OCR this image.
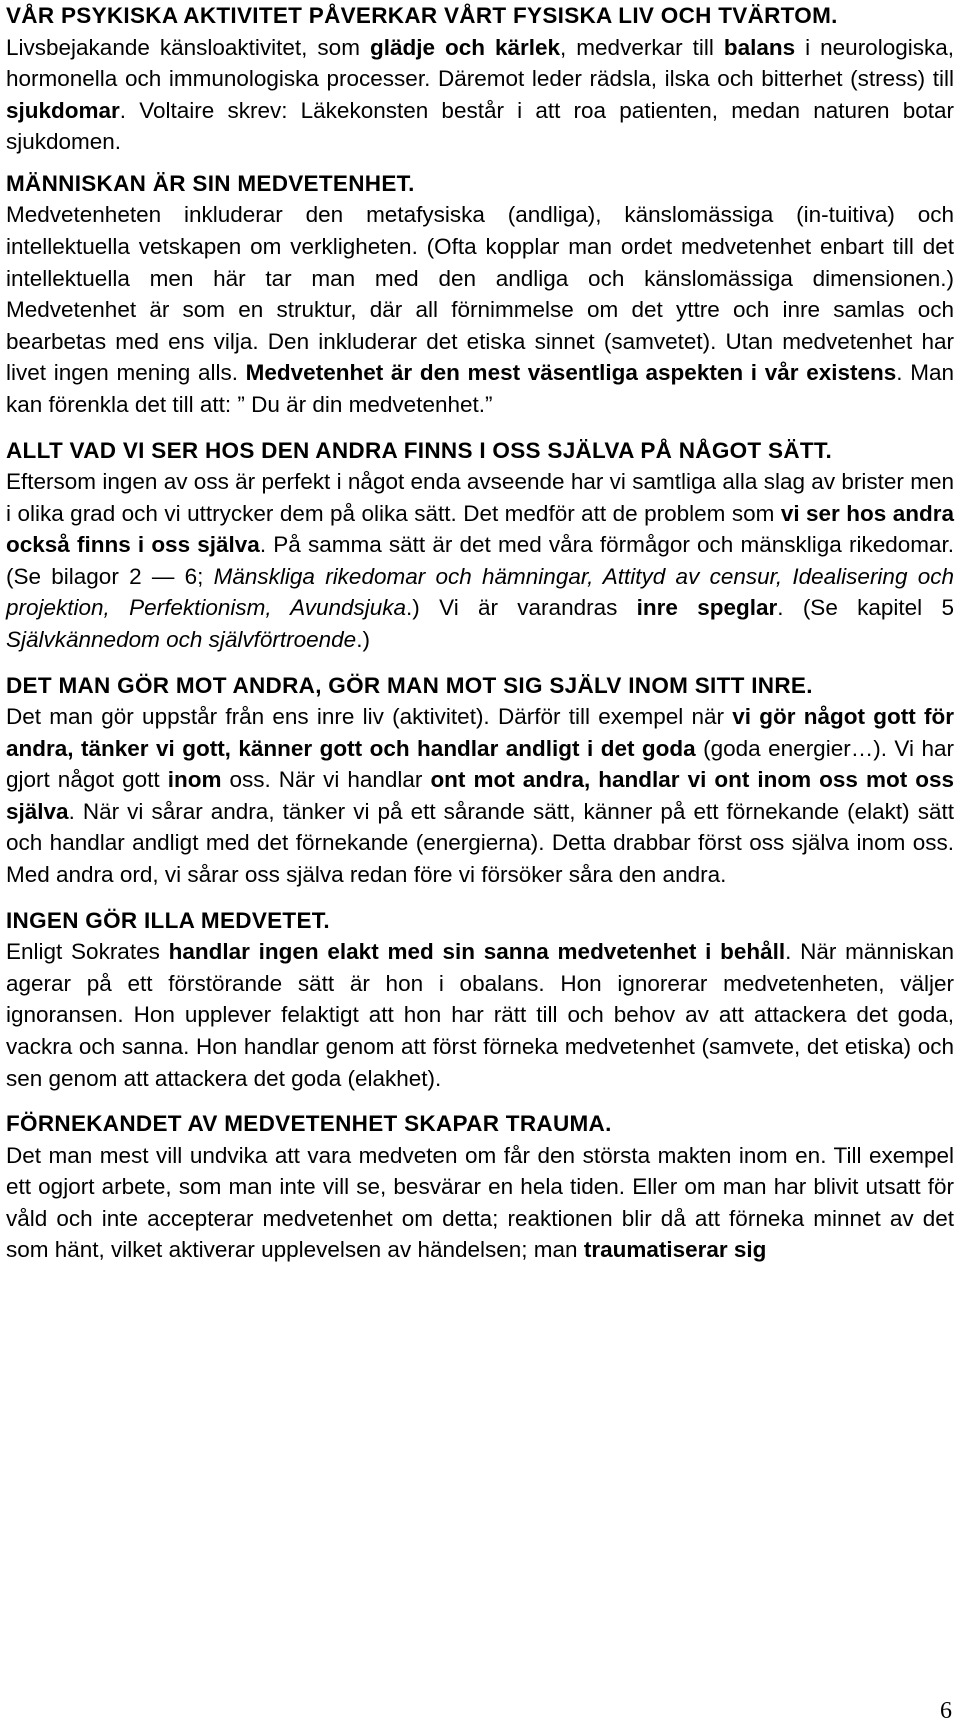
VÅR PSYKISKA AKTIVITET PÅVERKAR VÅRT FYSISKA LIV OCH TVÄRTOM.

Livsbejakande känsloaktivitet, som glädje och kärlek, medverkar till balans i neurologiska, hormonella och immunologiska processer. Däremot leder rädsla, ilska och bitterhet (stress) till sjukdomar. Voltaire skrev: Läkekonsten består i att roa patienten, medan naturen botar sjukdomen.

MÄNNISKAN ÄR SIN MEDVETENHET.

Medvetenheten inkluderar den metafysiska (andliga), känslomässiga (in-tuitiva) och intellektuella vetskapen om verkligheten. (Ofta kopplar man ordet medvetenhet enbart till det intellektuella men här tar man med den andliga och känslomässiga dimensionen.) Medvetenhet är som en struktur, där all förnimmelse om det yttre och inre samlas och bearbetas med ens vilja. Den inkluderar det etiska sinnet (samvetet). Utan medvetenhet har livet ingen mening alls. Medvetenhet är den mest väsentliga aspekten i vår existens. Man kan förenkla det till att: ” Du är din medvetenhet.”

ALLT VAD VI SER HOS DEN ANDRA FINNS I OSS SJÄLVA PÅ NÅGOT SÄTT.

Eftersom ingen av oss är perfekt i något enda avseende har vi samtliga alla slag av brister men i olika grad och vi uttrycker dem på olika sätt. Det medför att de problem som vi ser hos andra också finns i oss själva. På samma sätt är det med våra förmågor och mänskliga rikedomar. (Se bilagor 2 — 6; Mänskliga rikedomar och hämningar, Attityd av censur, Idealisering och projektion, Perfektionism, Avundsjuka.) Vi är varandras inre speglar. (Se kapitel 5 Självkännedom och självförtroende.)

DET MAN GÖR MOT ANDRA, GÖR MAN MOT SIG SJÄLV INOM SITT INRE.

Det man gör uppstår från ens inre liv (aktivitet). Därför till exempel när vi gör något gott för andra, tänker vi gott, känner gott och handlar andligt i det goda (goda energier…). Vi har gjort något gott inom oss. När vi handlar ont mot andra, handlar vi ont inom oss mot oss själva. När vi sårar andra, tänker vi på ett sårande sätt, känner på ett förnekande (elakt) sätt och handlar andligt med det förnekande (energierna). Detta drabbar först oss själva inom oss. Med andra ord, vi sårar oss själva redan före vi försöker såra den andra.

INGEN GÖR ILLA MEDVETET.

Enligt Sokrates handlar ingen elakt med sin sanna medvetenhet i behåll. När människan agerar på ett förstörande sätt är hon i obalans. Hon ignorerar medvetenheten, väljer ignoransen. Hon upplever felaktigt att hon har rätt till och behov av att attackera det goda, vackra och sanna. Hon handlar genom att först förneka medvetenhet (samvete, det etiska) och sen genom att attackera det goda (elakhet).

FÖRNEKANDET AV MEDVETENHET SKAPAR TRAUMA.

Det man mest vill undvika att vara medveten om får den största makten inom en. Till exempel ett ogjort arbete, som man inte vill se, besvärar en hela tiden. Eller om man har blivit utsatt för våld och inte accepterar medvetenhet om detta; reaktionen blir då att förneka minnet av det som hänt, vilket aktiverar upplevelsen av händelsen; man traumatiserar sig

6
